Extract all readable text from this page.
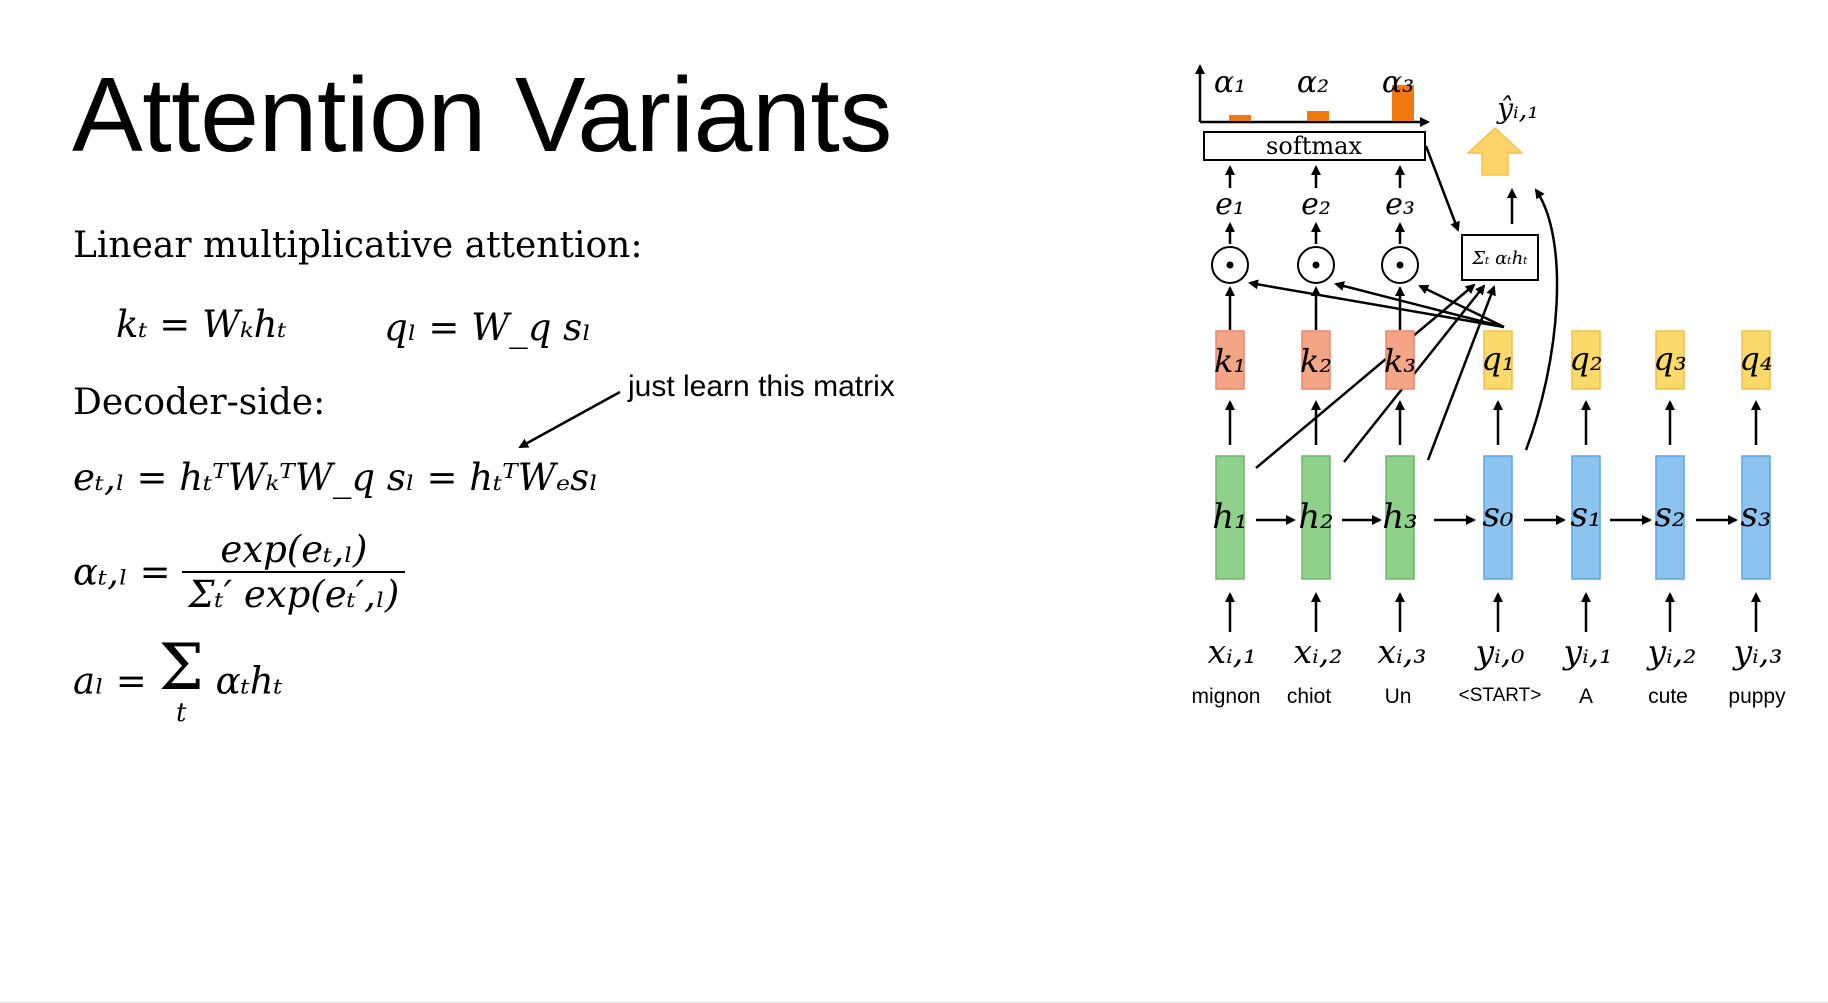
Attention Variants
Linear multiplicative attention:
kₜ = Wₖhₜ	qₗ = W_q sₗ
Decoder-side:
eₜ,ₗ = hₜᵀWₖᵀW_q sₗ = hₜᵀWₑsₗ
$\alpha_t,_l = \frac{\text{exp(eₜ,ₗ)}}{\text{Σₜ′ exp(eₜ′,ₗ)}}$
aₗ = Σ
t
αₜhₜ
just learn this matrix
α₁ α₂ α₃
softmax
e₁ e₂ e₃
Σₜ αₜhₜ
ŷᵢ,₁
k₁ k₂ k₃ q₁ q₂ q₃ q₄
h₁ h₂ h₃ s₀ s₁ s₂ s₃
xᵢ,₁ xᵢ,₂ xᵢ,₃ yᵢ,₀ yᵢ,₁ yᵢ,₂ yᵢ,₃
mignon chiot	Un <START> A	cute puppy
